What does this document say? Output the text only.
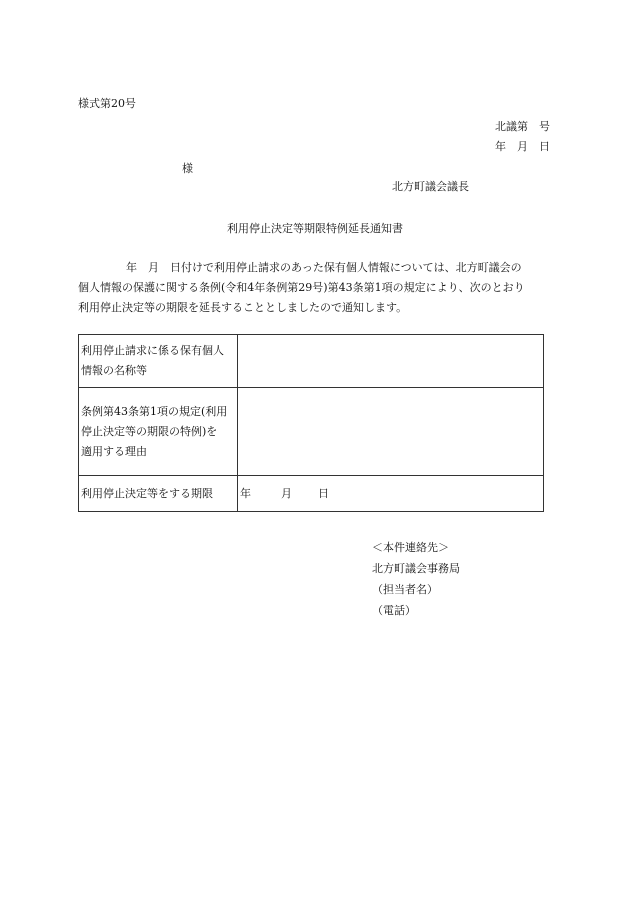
様式第20号
北議第　号
年　月　日
様
北方町議会議長
利用停止決定等期限特例延長通知書

年　月　日付けで利用停止請求のあった保有個人情報については、北方町議会の

個人情報の保護に関する条例(令和4年条例第29号)第43条第1項の規定により、次のとおり

利用停止決定等の期限を延長することとしましたので通知します。

利用停止請求に係る保有個人
情報の名称等	

条例第43条第1項の規定(利用
停止決定等の期限の特例)を
適用する理由	

利用停止決定等をする期限	年 月 日
＜本件連絡先＞
北方町議会事務局
（担当者名）
（電話）
